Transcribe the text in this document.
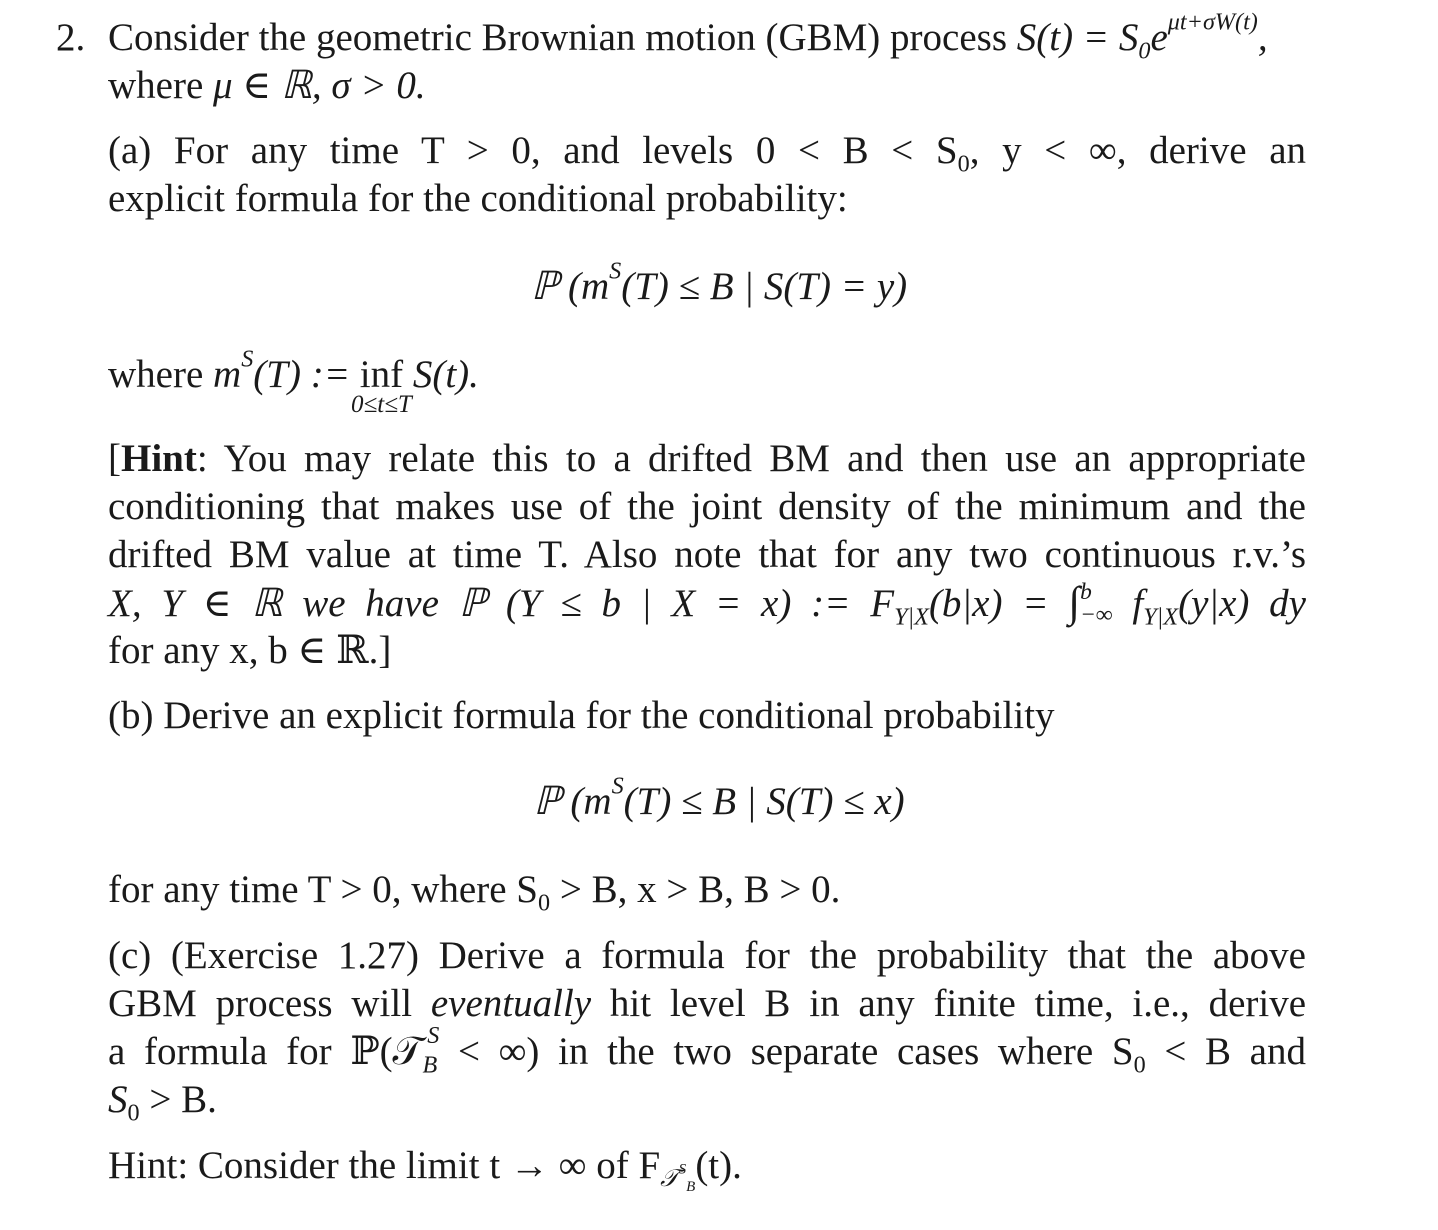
2. Consider the geometric Brownian motion (GBM) process $S(t) = S_0e^{\mu t+\sigma W(t)}$,
where μ ∈ ℝ, σ > 0.
(a) For any time T > 0, and levels $0 < B < S_0$, y < ∞, derive an
explicit formula for the conditional probability:
ℙ ($m^S(T) \le B$ | S(T) = y)
where $m^S(T)$ := inf
0≤t≤T
S(t).
[Hint: You may relate this to a drifted BM and then use an appropriate
conditioning that makes use of the joint density of the minimum and the
drifted BM value at time T. Also note that for any two continuous r.v.’s
X, Y ∈ ℝ we have ℙ (Y ≤ b | X = x) := $F_{Y|X}(b|x)$ = ∫ b
−∞ $f_{Y|X}(y|x)$ dy
for any x, b ∈ ℝ.]
(b) Derive an explicit formula for the conditional probability
ℙ ($m^S(T) \le B$ | S(T) ≤ x)
for any time T > 0, where $S_0 > B$, x > B, B > 0.
(c) (Exercise 1.27) Derive a formula for the probability that the above
GBM process will eventually hit level B in any finite time, i.e., derive
a formula for ℙ(𝒯$_B^S$ < ∞) in the two separate cases where $S_0 < B$ and
$S_0 > B$.
Hint: Consider the limit t → ∞ of $F_{𝒯^S_B}(t)$.
